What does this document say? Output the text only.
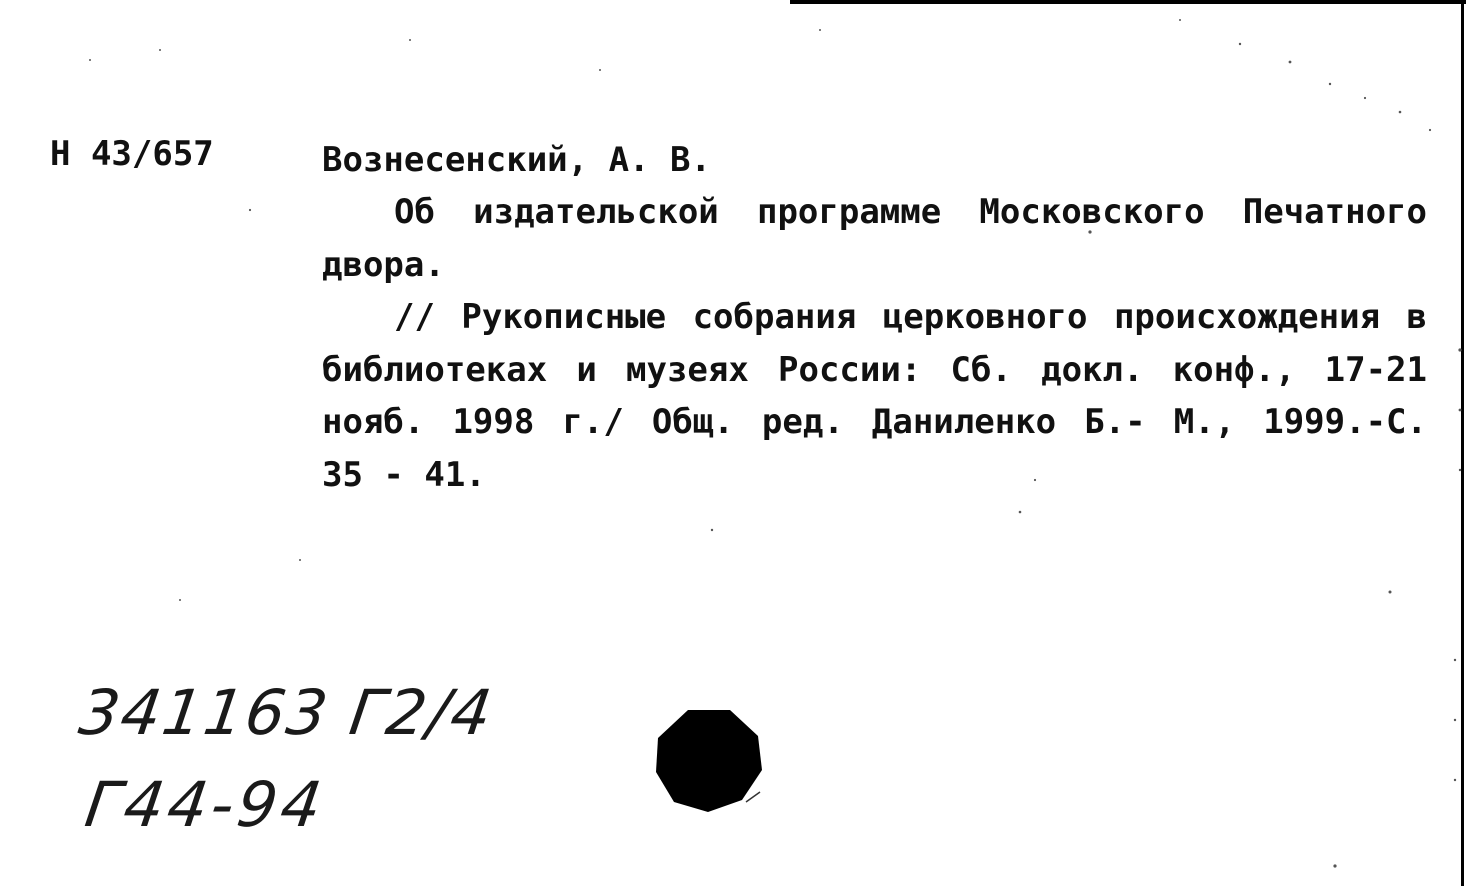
Н 43/657	Вознесенский, А. В.

Об издательской программе Московского Печатного двора.

// Рукописные собрания церковного происхождения в библиотеках и музеях России: Сб. докл. конф., 17-21 нояб. 1998 г./ Общ. ред. Даниленко Б.- М., 1999.-С. 35 - 41.

341163 Г2/4
Г44-94
